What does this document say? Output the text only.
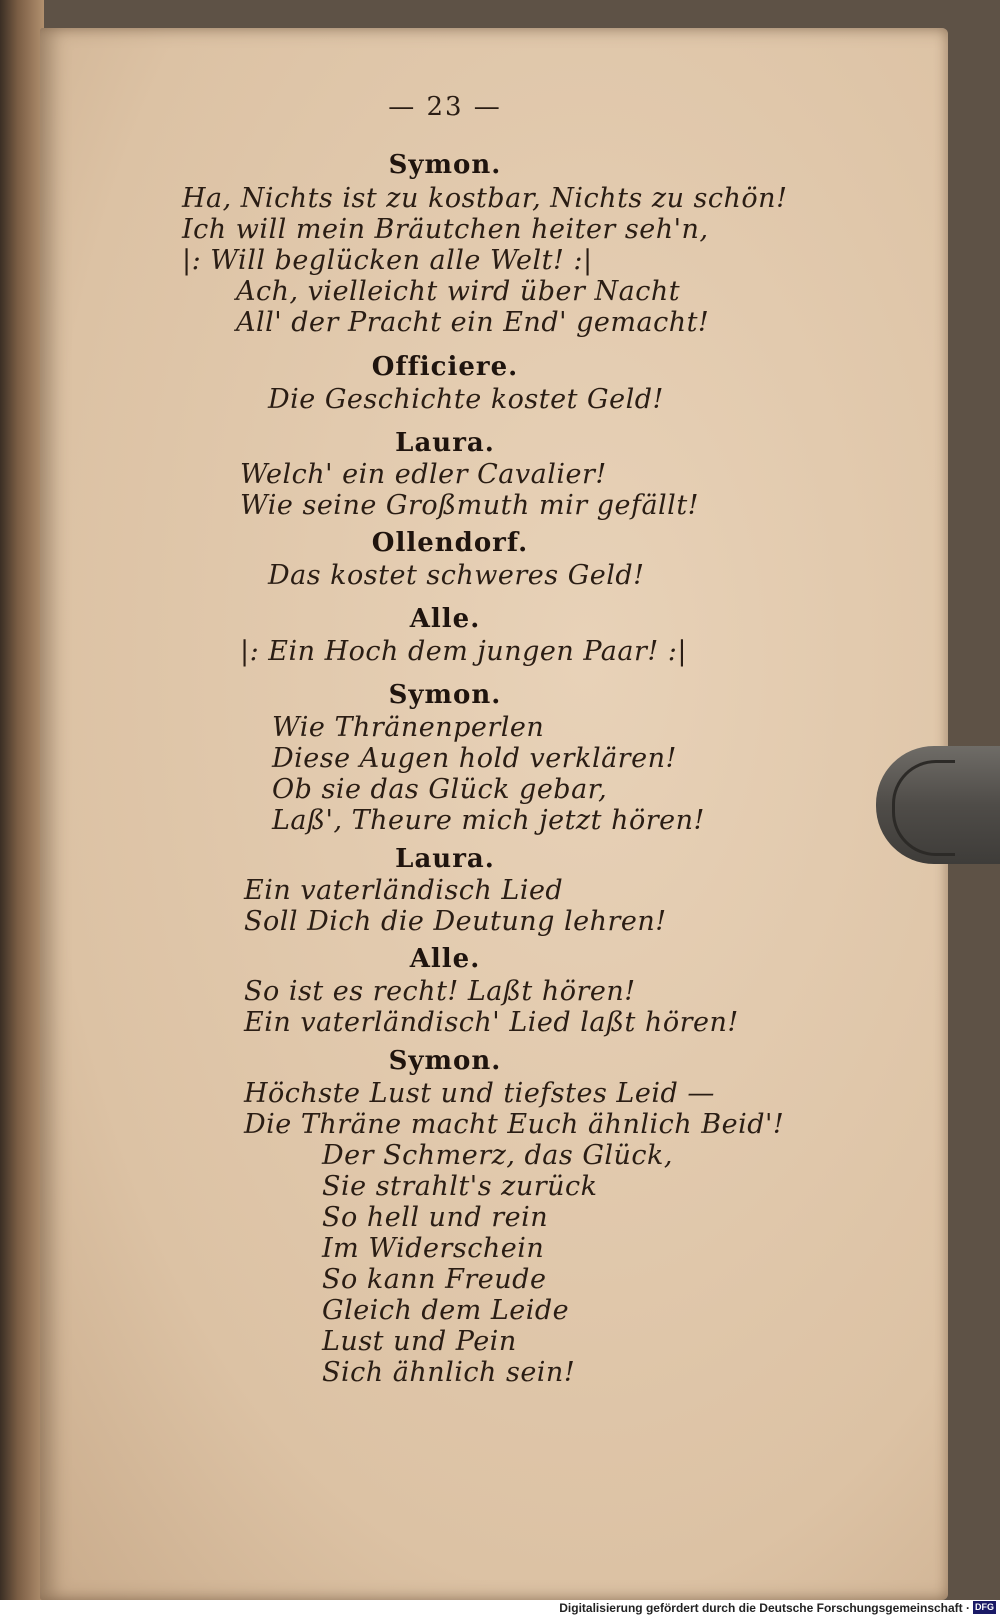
— 23 —
Symon.
Ha, Nichts ist zu kostbar, Nichts zu schön!
Ich will mein Bräutchen heiter seh'n,
|: Will beglücken alle Welt! :|
Ach, vielleicht wird über Nacht
All' der Pracht ein End' gemacht!
Officiere.
Die Geschichte kostet Geld!
Laura.
Welch' ein edler Cavalier!
Wie seine Großmuth mir gefällt!
Ollendorf.
Das kostet schweres Geld!
Alle.
|: Ein Hoch dem jungen Paar! :|
Symon.
Wie Thränenperlen
Diese Augen hold verklären!
Ob sie das Glück gebar,
Laß', Theure mich jetzt hören!
Laura.
Ein vaterländisch Lied
Soll Dich die Deutung lehren!
Alle.
So ist es recht! Laßt hören!
Ein vaterländisch' Lied laßt hören!
Symon.
Höchste Lust und tiefstes Leid —
Die Thräne macht Euch ähnlich Beid'!
Der Schmerz, das Glück,
Sie strahlt's zurück
So hell und rein
Im Widerschein
So kann Freude
Gleich dem Leide
Lust und Pein
Sich ähnlich sein!
Digitalisierung gefördert durch die Deutsche Forschungsgemeinschaft · DFG
